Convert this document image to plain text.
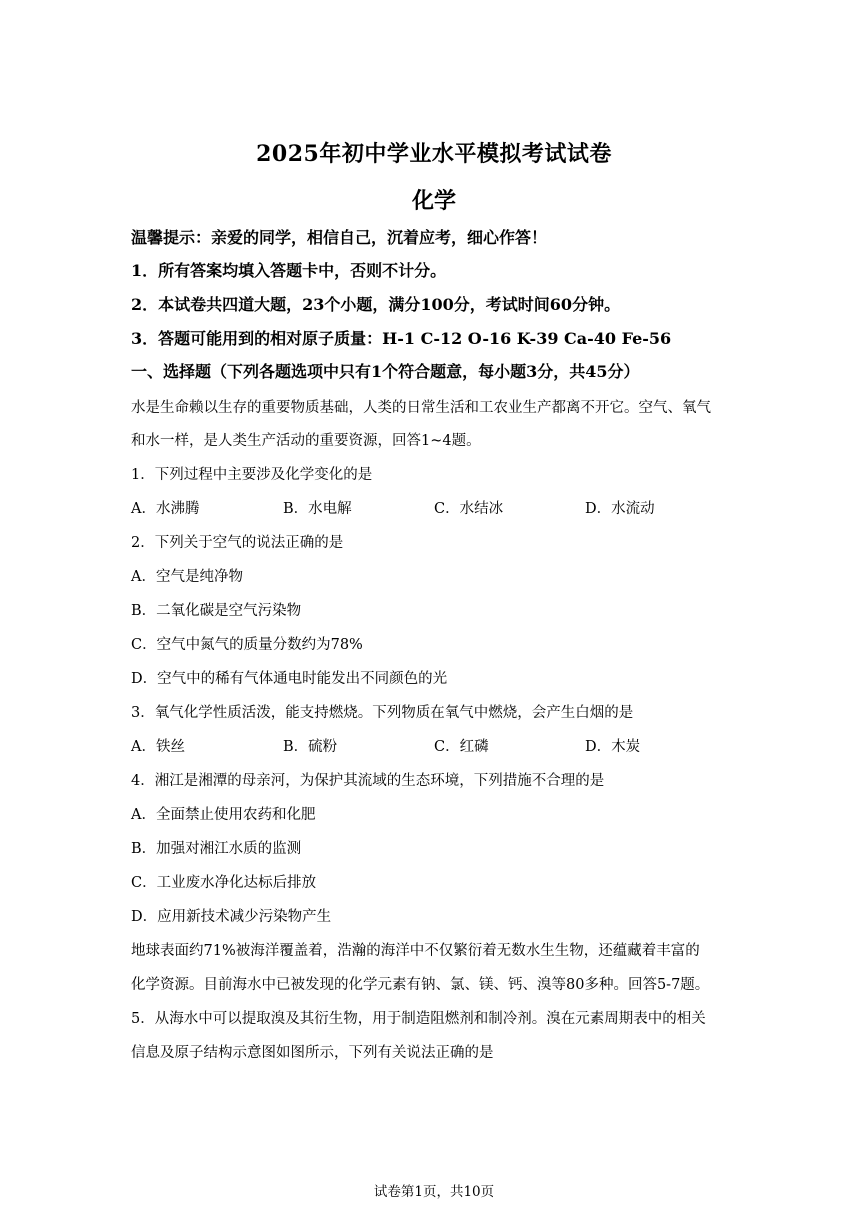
2025年初中学业水平模拟考试试卷
化学
温馨提示：亲爱的同学，相信自己，沉着应考，细心作答！
1．所有答案均填入答题卡中，否则不计分。
2．本试卷共四道大题，23个小题，满分100分，考试时间60分钟。
3．答题可能用到的相对原子质量：H-1 C-12 O-16 K-39 Ca-40 Fe-56
一、选择题（下列各题选项中只有1个符合题意，每小题3分，共45分）
水是生命赖以生存的重要物质基础，人类的日常生活和工农业生产都离不开它。空气、氧气
和水一样，是人类生产活动的重要资源，回答1~4题。
1．下列过程中主要涉及化学变化的是
A．水沸腾	B．水电解	C．水结冰	D．水流动
2．下列关于空气的说法正确的是
A．空气是纯净物
B．二氧化碳是空气污染物
C．空气中氮气的质量分数约为78%
D．空气中的稀有气体通电时能发出不同颜色的光
3．氧气化学性质活泼，能支持燃烧。下列物质在氧气中燃烧，会产生白烟的是
A．铁丝	B．硫粉	C．红磷	D．木炭
4．湘江是湘潭的母亲河，为保护其流域的生态环境，下列措施不合理的是
A．全面禁止使用农药和化肥
B．加强对湘江水质的监测
C．工业废水净化达标后排放
D．应用新技术减少污染物产生
地球表面约71%被海洋覆盖着，浩瀚的海洋中不仅繁衍着无数水生生物，还蕴藏着丰富的
化学资源。目前海水中已被发现的化学元素有钠、氯、镁、钙、溴等80多种。回答5-7题。
5．从海水中可以提取溴及其衍生物，用于制造阻燃剂和制冷剂。溴在元素周期表中的相关
信息及原子结构示意图如图所示，下列有关说法正确的是
试卷第1页，共10页
